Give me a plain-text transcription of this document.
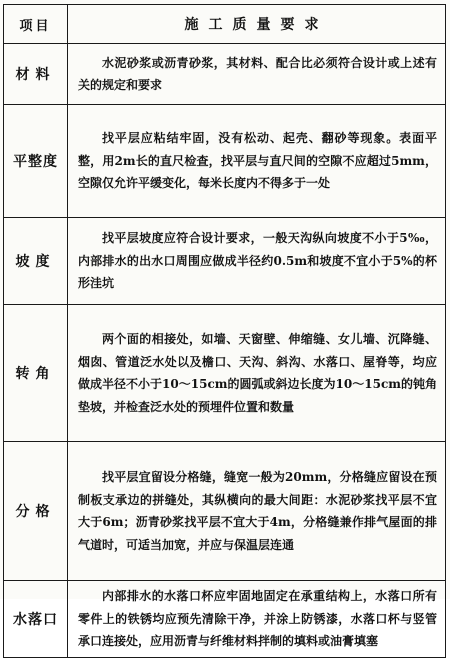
项目	施工质量要求
材料	水泥砂浆或沥青砂浆，其材料、配合比必须符合设计或上述有关的规定和要求
平整度	找平层应粘结牢固，没有松动、起壳、翻砂等现象。表面平整，用2m长的直尺检查，找平层与直尺间的空隙不应超过5mm，空隙仅允许平缓变化，每米长度内不得多于一处
坡度	找平层坡度应符合设计要求，一般天沟纵向坡度不小于5‰，内部排水的出水口周围应做成半径约0.5m和坡度不宜小于5%的杯形洼坑
转角	两个面的相接处，如墙、天窗壁、伸缩缝、女儿墙、沉降缝、烟囱、管道泛水处以及檐口、天沟、斜沟、水落口、屋脊等，均应做成半径不小于10～15cm的圆弧或斜边长度为10～15cm的钝角垫坡，并检查泛水处的预埋件位置和数量
分格	找平层宜留设分格缝，缝宽一般为20mm，分格缝应留设在预制板支承边的拼缝处，其纵横向的最大间距：水泥砂浆找平层不宜大于6m；沥青砂浆找平层不宜大于4m，分格缝兼作排气屋面的排气道时，可适当加宽，并应与保温层连通
水落口	内部排水的水落口杯应牢固地固定在承重结构上，水落口所有零件上的铁锈均应预先清除干净，并涂上防锈漆，水落口杯与竖管承口连接处，应用沥青与纤维材料拌制的填料或油膏填塞
